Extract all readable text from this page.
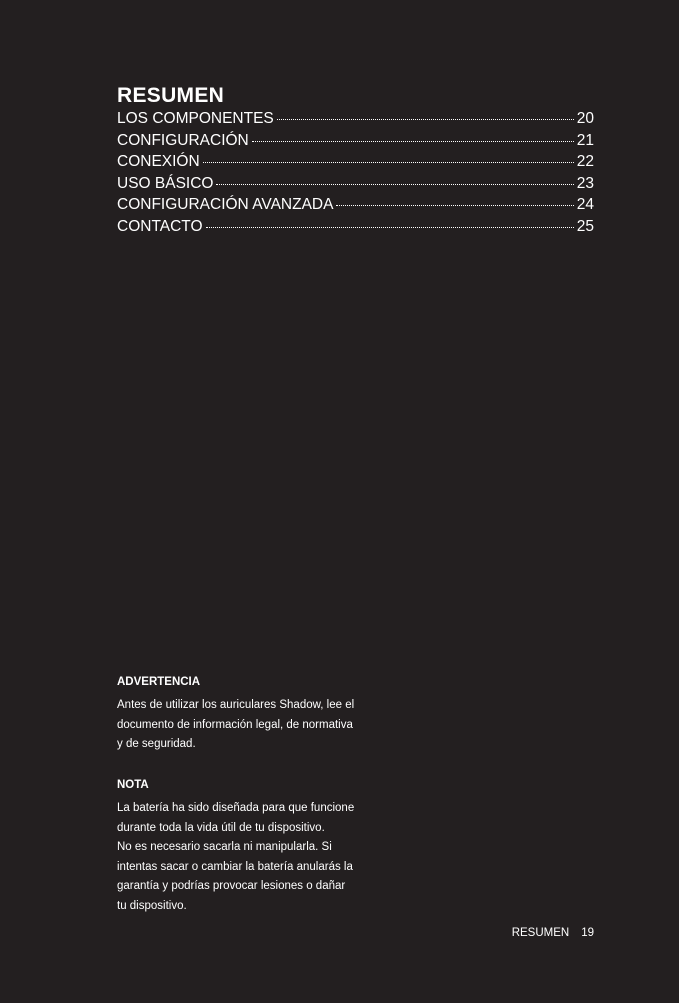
RESUMEN
LOS COMPONENTES	20
CONFIGURACIÓN	21
CONEXIÓN	22
USO BÁSICO	23
CONFIGURACIÓN AVANZADA	24
CONTACTO	25
ADVERTENCIA

Antes de utilizar los auriculares Shadow, lee el
documento de información legal, de normativa
y de seguridad.

NOTA

La batería ha sido diseñada para que funcione
durante toda la vida útil de tu dispositivo.
No es necesario sacarla ni manipularla. Si
intentas sacar o cambiar la batería anularás la
garantía y podrías provocar lesiones o dañar
tu dispositivo.

RESUMEN 19
